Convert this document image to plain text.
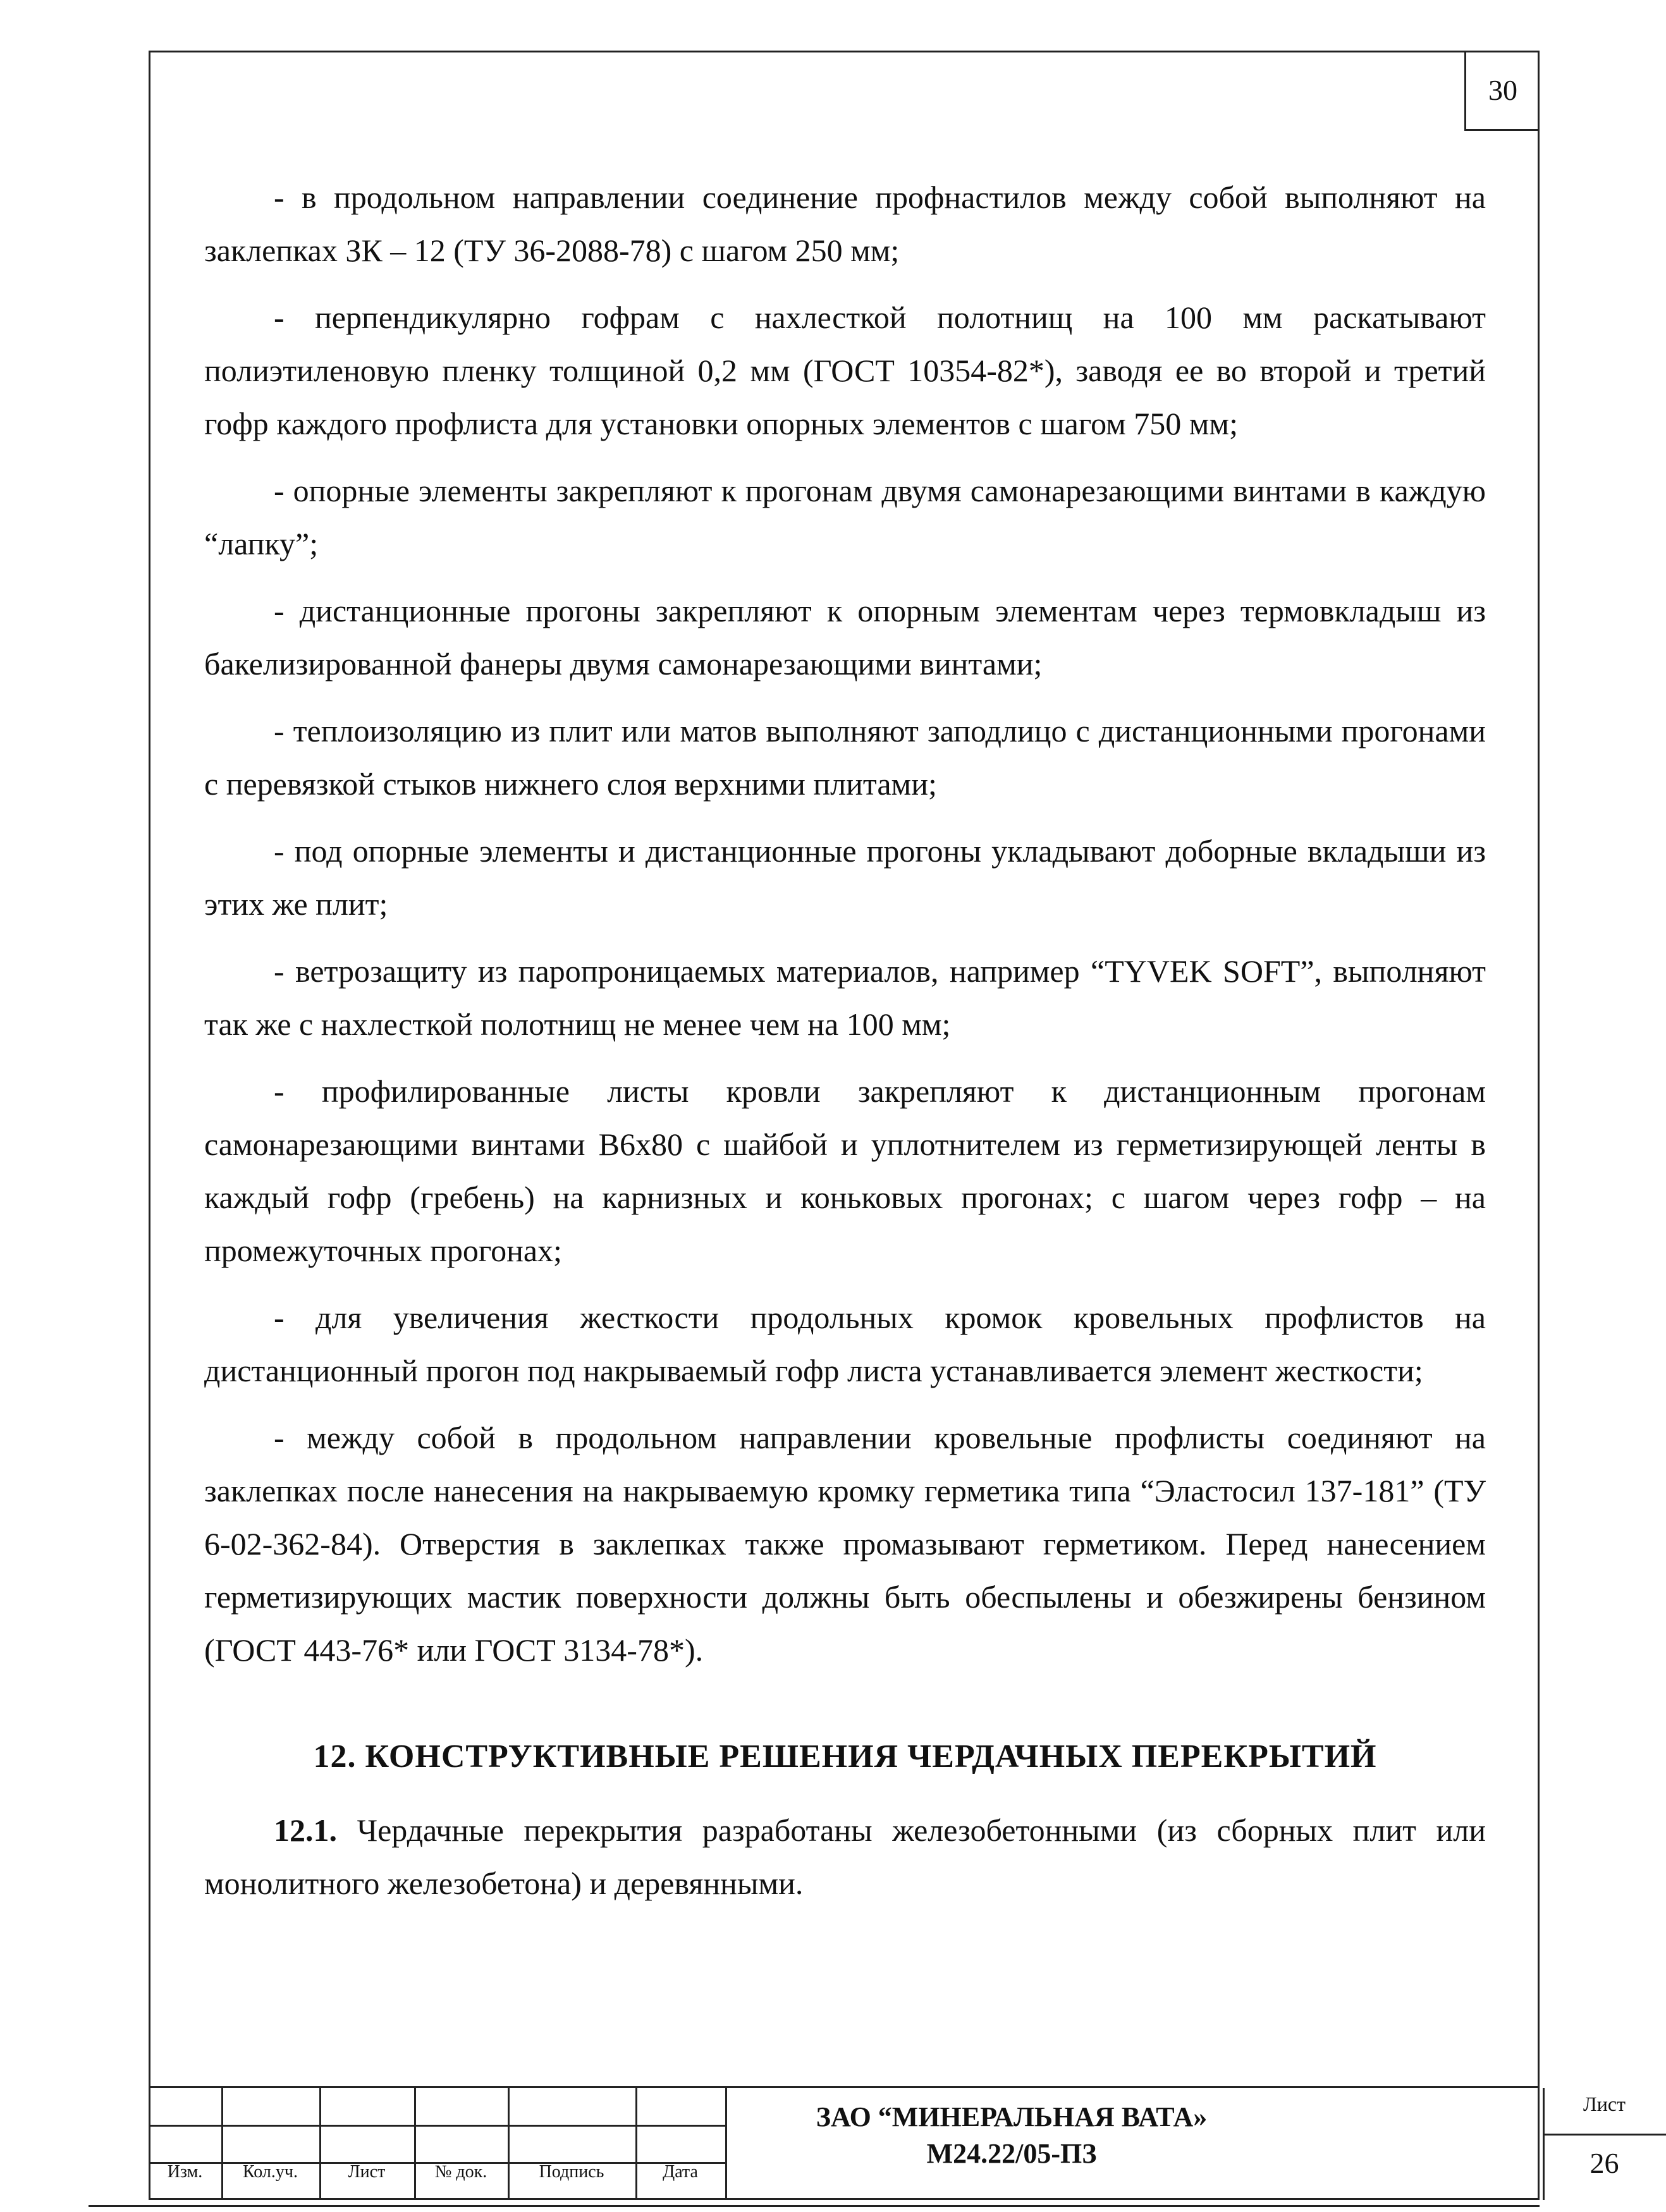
30

- в продольном направлении соединение профнастилов между собой выполняют на заклепках ЗК – 12 (ТУ 36-2088-78) с шагом 250 мм;

- перпендикулярно гофрам с нахлесткой полотнищ на 100 мм раскатывают полиэтиленовую пленку толщиной 0,2 мм (ГОСТ 10354-82*), заводя ее во второй и третий гофр каждого профлиста для установки опорных элементов с шагом 750 мм;

- опорные элементы закрепляют к прогонам двумя самонарезающими винтами в каждую “лапку”;

- дистанционные прогоны закрепляют к опорным элементам через термовкладыш из бакелизированной фанеры двумя самонарезающими винтами;

- теплоизоляцию из плит или матов выполняют заподлицо с дистанционными прогонами с перевязкой стыков нижнего слоя верхними плитами;

- под опорные элементы и дистанционные прогоны укладывают доборные вкладыши из этих же плит;

- ветрозащиту из паропроницаемых материалов, например “TYVEK SOFT”, выполняют так же с нахлесткой полотнищ не менее чем на 100 мм;

- профилированные листы кровли закрепляют к дистанционным прогонам самонарезающими винтами В6х80 с шайбой и уплотнителем из герметизирующей ленты в каждый гофр (гребень) на карнизных и коньковых прогонах; с шагом через гофр – на промежуточных прогонах;

- для увеличения жесткости продольных кромок кровельных профлистов на дистанционный прогон под накрываемый гофр листа устанавливается элемент жесткости;

- между собой в продольном направлении кровельные профлисты соединяют на заклепках после нанесения на накрываемую кромку герметика типа “Эластосил 137-181” (ТУ 6-02-362-84). Отверстия в заклепках также промазывают герметиком. Перед нанесением герметизирующих мастик поверхности должны быть обеспылены и обезжирены бензином (ГОСТ 443-76* или ГОСТ 3134-78*).

12. КОНСТРУКТИВНЫЕ РЕШЕНИЯ ЧЕРДАЧНЫХ ПЕРЕКРЫТИЙ

12.1. Чердачные перекрытия разработаны железобетонными (из сборных плит или монолитного железобетона) и деревянными.

Изм.	Кол.уч.	Лист	№ док.	Подпись	Дата
ЗАО “МИНЕРАЛЬНАЯ ВАТА»
М24.22/05-ПЗ
Лист
26
